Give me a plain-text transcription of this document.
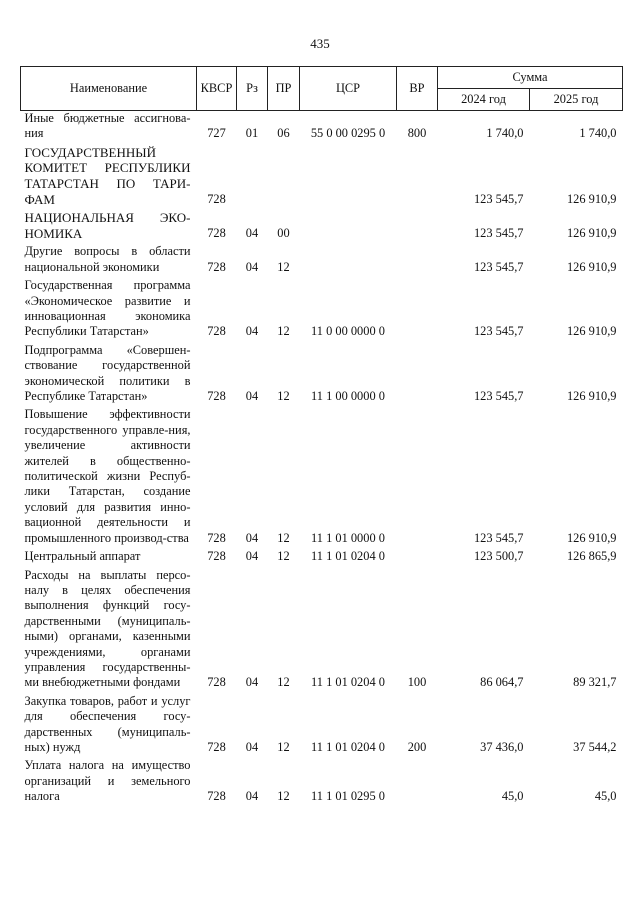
435
Наименование	КВСР	Рз	ПР	ЦСР	ВР	Сумма	
						2024 год	2025 год
Иные бюджетные ассигнова-ния	727	01	06	55 0 00 0295 0	800	1 740,0	1 740,0
ГОСУДАРСТВЕННЫЙ КОМИТЕТ РЕСПУБЛИКИ ТАТАРСТАН ПО ТАРИ-ФАМ	728					123 545,7	126 910,9
НАЦИОНАЛЬНАЯ ЭКО-НОМИКА	728	04	00			123 545,7	126 910,9
Другие вопросы в области национальной экономики	728	04	12			123 545,7	126 910,9
Государственная программа «Экономическое развитие и инновационная экономика Республики Татарстан»	728	04	12	11 0 00 0000 0		123 545,7	126 910,9
Подпрограмма «Совершен-ствование государственной экономической политики в Республике Татарстан»	728	04	12	11 1 00 0000 0		123 545,7	126 910,9
Повышение эффективности государственного управле-ния, увеличение активности жителей в общественно-политической жизни Респуб-лики Татарстан, создание условий для развития инно-вационной деятельности и промышленного производ-ства	728	04	12	11 1 01 0000 0		123 545,7	126 910,9
Центральный аппарат	728	04	12	11 1 01 0204 0		123 500,7	126 865,9
Расходы на выплаты персо-налу в целях обеспечения выполнения функций госу-дарственными (муниципаль-ными) органами, казенными учреждениями, органами управления государственны-ми внебюджетными фондами	728	04	12	11 1 01 0204 0	100	86 064,7	89 321,7
Закупка товаров, работ и услуг для обеспечения госу-дарственных (муниципаль-ных) нужд	728	04	12	11 1 01 0204 0	200	37 436,0	37 544,2
Уплата налога на имущество организаций и земельного налога	728	04	12	11 1 01 0295 0		45,0	45,0
